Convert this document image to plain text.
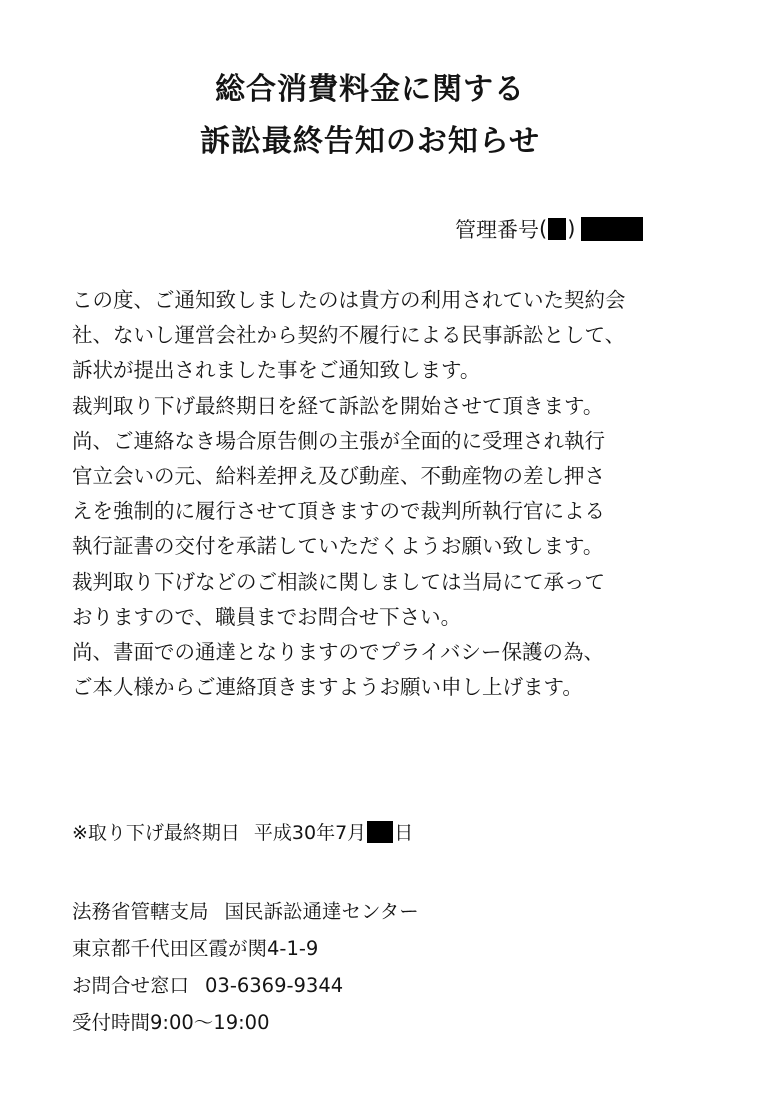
総合消費料金に関する
訴訟最終告知のお知らせ
管理番号 ( )
この度、ご通知致しましたのは貴方の利用されていた契約会
社、ないし運営会社から契約不履行による民事訴訟として、
訴状が提出されました事をご通知致します。
裁判取り下げ最終期日を経て訴訟を開始させて頂きます。
尚、ご連絡なき場合原告側の主張が全面的に受理され執行
官立会いの元、給料差押え及び動産、不動産物の差し押さ
えを強制的に履行させて頂きますので裁判所執行官による
執行証書の交付を承諾していただくようお願い致します。
裁判取り下げなどのご相談に関しましては当局にて承って
おりますので、職員までお問合せ下さい。
尚、書面での通達となりますのでプライバシー保護の為、
ご本人様からご連絡頂きますようお願い申し上げます。
※取り下げ最終期日 平成30年7月 日
法務省管轄支局 国民訴訟通達センター
東京都千代田区霞が関4-1-9
お問合せ窓口 03-6369-9344
受付時間9:00～19:00
